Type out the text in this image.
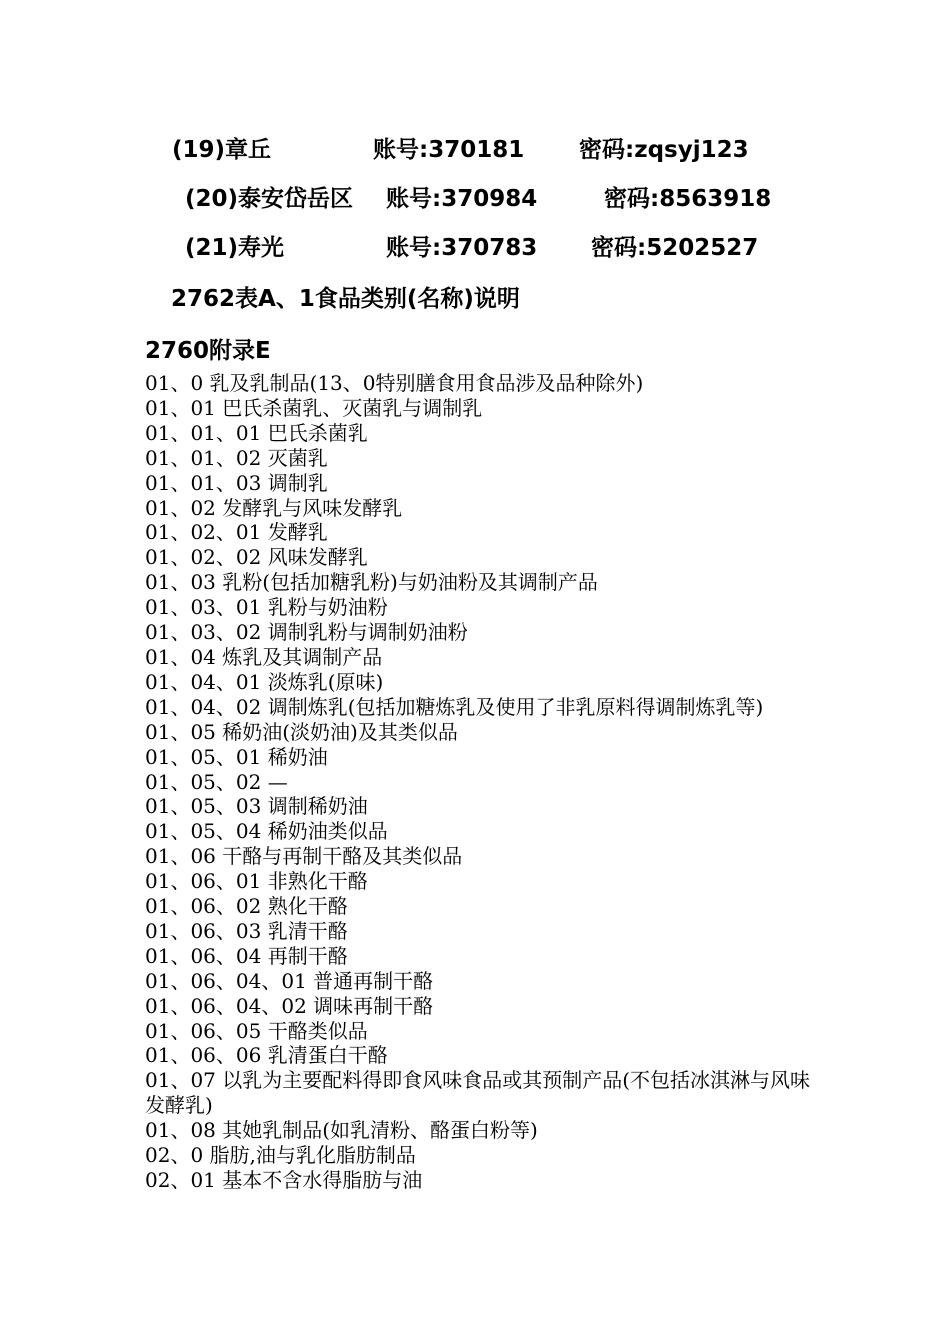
(19)章丘	账号:370181 密码:zqsyj123
(20)泰安岱岳区 账号:370984	密码:8563918
(21)寿光	账号:370783 密码:5202527
2762表A、1食品类别(名称)说明
2760附录E
01、0 乳及乳制品(13、0特别膳食用食品涉及品种除外)
01、01 巴氏杀菌乳、灭菌乳与调制乳
01、01、01 巴氏杀菌乳
01、01、02 灭菌乳
01、01、03 调制乳
01、02 发酵乳与风味发酵乳
01、02、01 发酵乳
01、02、02 风味发酵乳
01、03 乳粉(包括加糖乳粉)与奶油粉及其调制产品
01、03、01 乳粉与奶油粉
01、03、02 调制乳粉与调制奶油粉
01、04 炼乳及其调制产品
01、04、01 淡炼乳(原味)
01、04、02 调制炼乳(包括加糖炼乳及使用了非乳原料得调制炼乳等)
01、05 稀奶油(淡奶油)及其类似品
01、05、01 稀奶油
01、05、02 —
01、05、03 调制稀奶油
01、05、04 稀奶油类似品
01、06 干酪与再制干酪及其类似品
01、06、01 非熟化干酪
01、06、02 熟化干酪
01、06、03 乳清干酪
01、06、04 再制干酪
01、06、04、01 普通再制干酪
01、06、04、02 调味再制干酪
01、06、05 干酪类似品
01、06、06 乳清蛋白干酪
01、07 以乳为主要配料得即食风味食品或其预制产品(不包括冰淇淋与风味发酵乳)
01、08 其她乳制品(如乳清粉、酪蛋白粉等)
02、0 脂肪,油与乳化脂肪制品
02、01 基本不含水得脂肪与油
